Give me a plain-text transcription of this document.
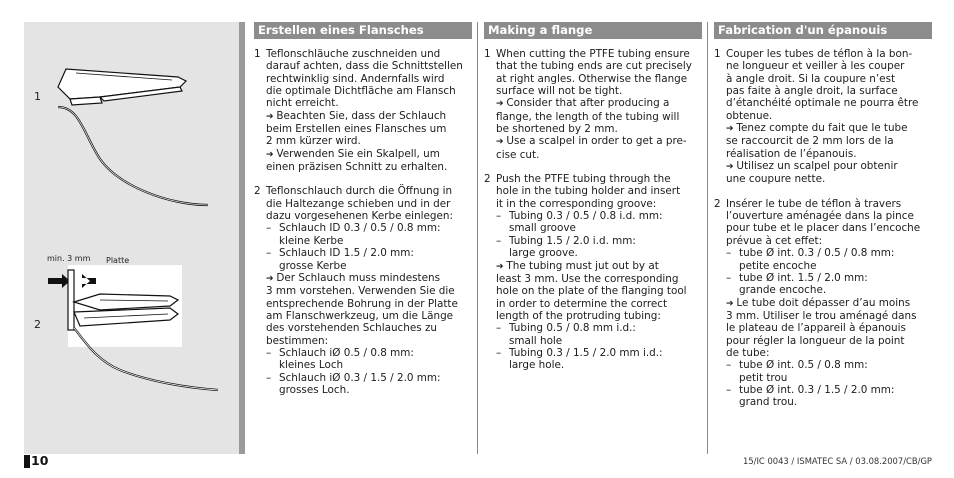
1
2
min. 3 mm Platte
Erstellen eines Flansches
1 Teflonschläuche zuschneiden und
darauf achten, dass die Schnittstellen
rechtwinklig sind. Andernfalls wird
die optimale Dichtfläche am Flansch
nicht erreicht.
➔ Beachten Sie, dass der Schlauch
beim Erstellen eines Flansches um
2 mm kürzer wird.
➔ Verwenden Sie ein Skalpell, um
einen präzisen Schnitt zu erhalten.
2 Teflonschlauch durch die Öffnung in
die Haltezange schieben und in der
dazu vorgesehenen Kerbe einlegen:
– Schlauch ID 0.3 / 0.5 / 0.8 mm:
kleine Kerbe
– Schlauch ID 1.5 / 2.0 mm:
grosse Kerbe
➔ Der Schlauch muss mindestens
3 mm vorstehen. Verwenden Sie die
entsprechende Bohrung in der Platte
am Flanschwerkzeug, um die Länge
des vorstehenden Schlauches zu
bestimmen:
– Schlauch iØ 0.5 / 0.8 mm:
kleines Loch
– Schlauch iØ 0.3 / 1.5 / 2.0 mm:
grosses Loch.
Making a flange
1 When cutting the PTFE tubing ensure
that the tubing ends are cut precisely
at right angles. Otherwise the flange
surface will not be tight.
➔ Consider that after producing a
flange, the length of the tubing will
be shortened by 2 mm.
➔ Use a scalpel in order to get a pre-
cise cut.
2 Push the PTFE tubing through the
hole in the tubing holder and insert
it in the corresponding groove:
– Tubing 0.3 / 0.5 / 0.8 i.d. mm:
small groove
– Tubing 1.5 / 2.0 i.d. mm:
large groove.
➔ The tubing must jut out by at
least 3 mm. Use the corresponding
hole on the plate of the flanging tool
in order to determine the correct
length of the protruding tubing:
– Tubing 0.5 / 0.8 mm i.d.:
small hole
– Tubing 0.3 / 1.5 / 2.0 mm i.d.:
large hole.
Fabrication d'un épanouis
1 Couper les tubes de téflon à la bon-
ne longueur et veiller à les couper
à angle droit. Si la coupure n’est
pas faite à angle droit, la surface
d’étanchéité optimale ne pourra être
obtenue.
➔ Tenez compte du fait que le tube
se raccourcit de 2 mm lors de la
réalisation de l’épanouis.
➔ Utilisez un scalpel pour obtenir
une coupure nette.
2 Insérer le tube de téflon à travers
l’ouverture aménagée dans la pince
pour tube et le placer dans l’encoche
prévue à cet effet:
– tube Ø int. 0.3 / 0.5 / 0.8 mm:
petite encoche
– tube Ø int. 1.5 / 2.0 mm:
grande encoche.
➔ Le tube doit dépasser d’au moins
3 mm. Utiliser le trou aménagé dans
le plateau de l’appareil à épanouis
pour régler la longueur de la point
de tube:
– tube Ø int. 0.5 / 0.8 mm:
petit trou
– tube Ø int. 0.3 / 1.5 / 2.0 mm:
grand trou.
10	15/IC 0043 / ISMATEC SA / 03.08.2007/CB/GP
